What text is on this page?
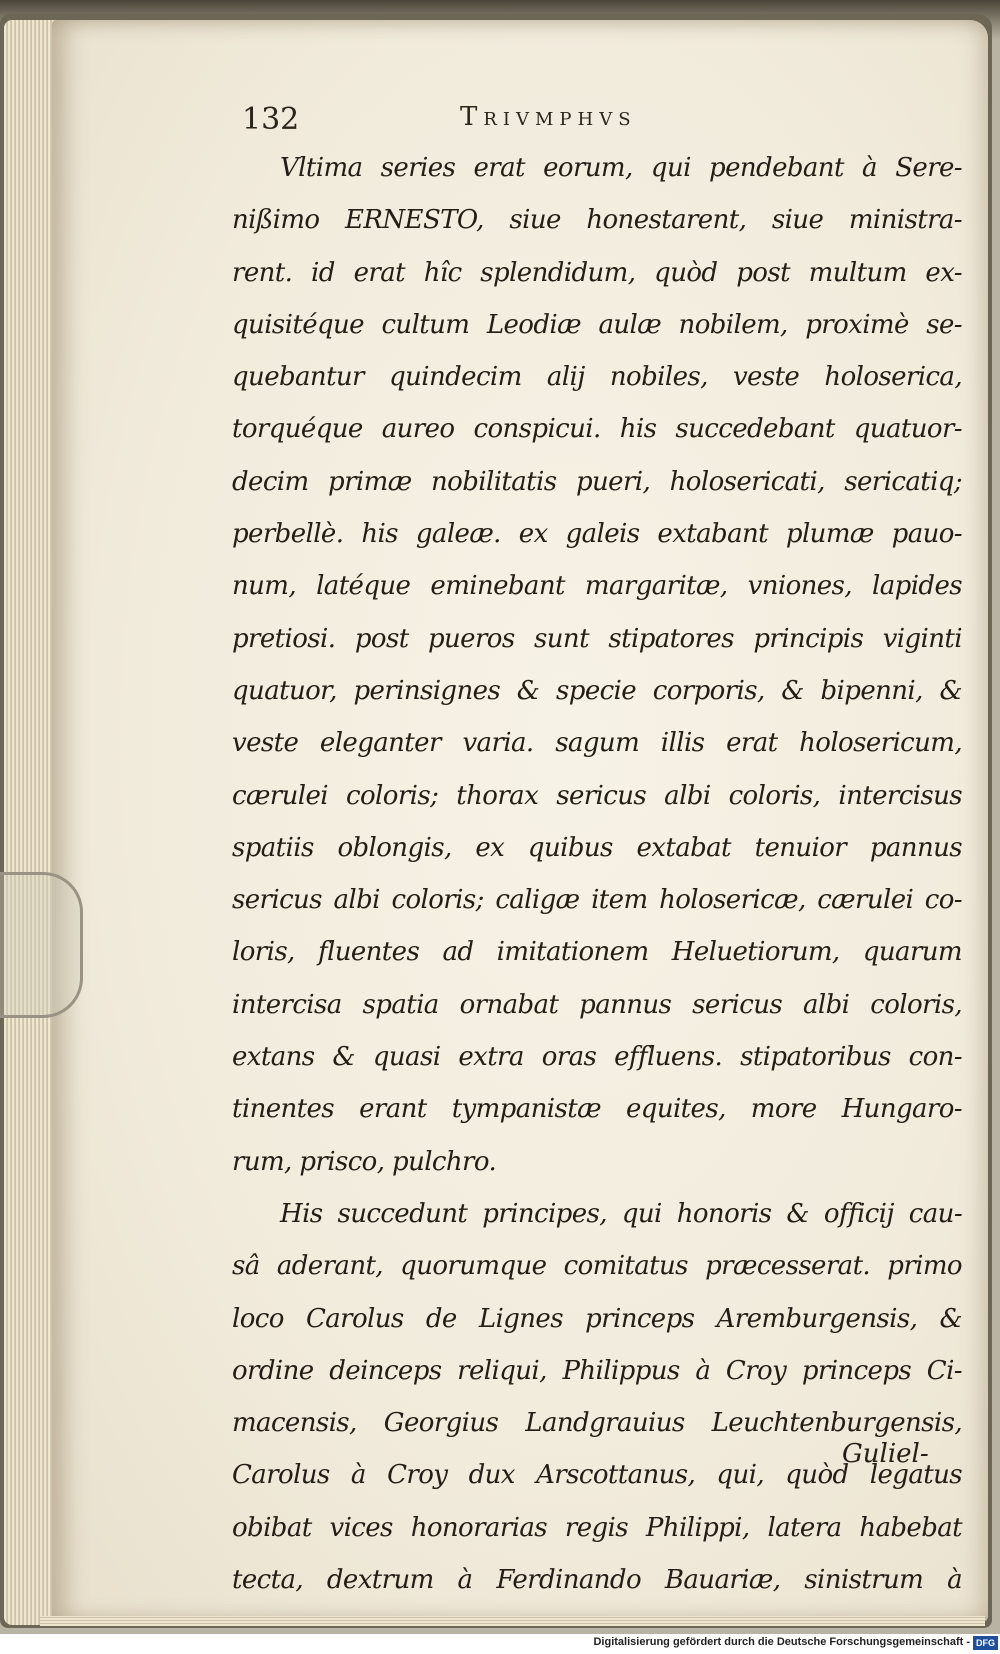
132	Trivmphvs
Vltima series erat eorum, qui pendebant à Sere-
nißimo ERNESTO, siue honestarent, siue ministra-
rent. id erat hîc splendidum, quòd post multum ex-
quisitéque cultum Leodiæ aulæ nobilem, proximè se-
quebantur quindecim alij nobiles, veste holoserica,
torquéque aureo conspicui. his succedebant quatuor-
decim primæ nobilitatis pueri, holosericati, sericatiq;
perbellè. his galeæ. ex galeis extabant plumæ pauo-
num, latéque eminebant margaritæ, vniones, lapides
pretiosi. post pueros sunt stipatores principis viginti
quatuor, perinsignes & specie corporis, & bipenni, &
veste eleganter varia. sagum illis erat holosericum,
cærulei coloris; thorax sericus albi coloris, intercisus
spatiis oblongis, ex quibus extabat tenuior pannus
sericus albi coloris; caligæ item holosericæ, cærulei co-
loris, fluentes ad imitationem Heluetiorum, quarum
intercisa spatia ornabat pannus sericus albi coloris,
extans & quasi extra oras effluens. stipatoribus con-
tinentes erant tympanistæ equites, more Hungaro-
rum, prisco, pulchro.
His succedunt principes, qui honoris & officij cau-
sâ aderant, quorumque comitatus præcesserat. primo
loco Carolus de Lignes princeps Aremburgensis, &
ordine deinceps reliqui, Philippus à Croy princeps Ci-
macensis, Georgius Landgrauius Leuchtenburgensis,
Carolus à Croy dux Arscottanus, qui, quòd legatus
obibat vices honorarias regis Philippi, latera habebat
tecta, dextrum à Ferdinando Bauariæ, sinistrum à
Guliel-
Digitalisierung gefördert durch die Deutsche Forschungsgemeinschaft - DFG
